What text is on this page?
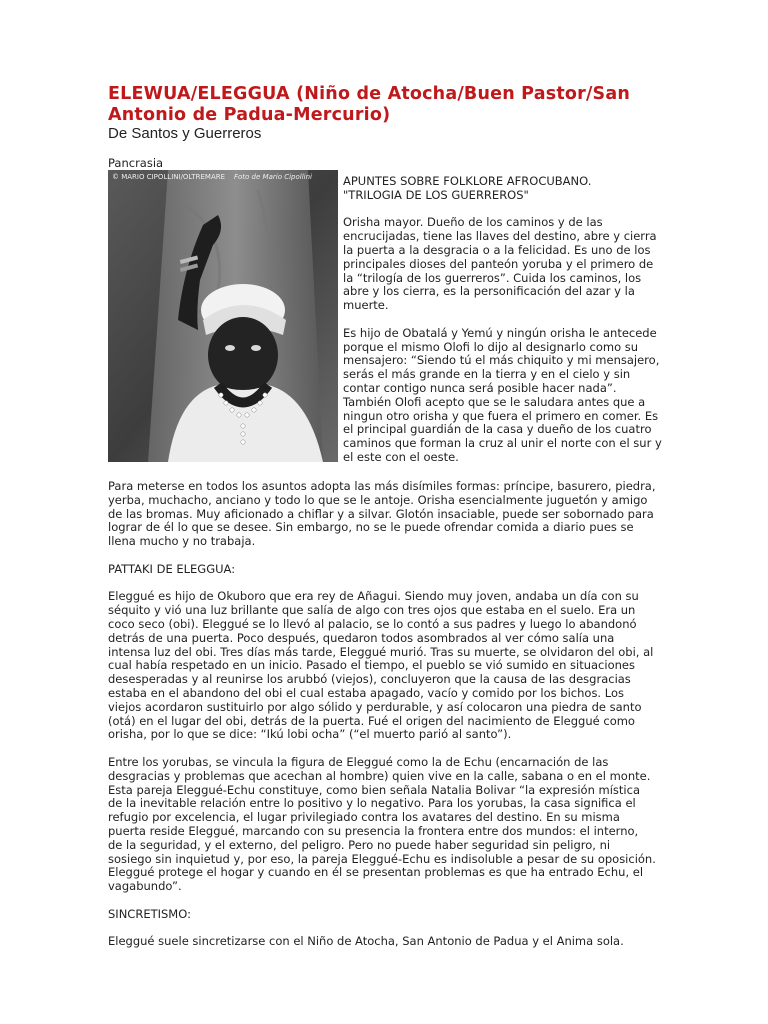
ELEWUA/ELEGGUA (Niño de Atocha/Buen Pastor/San Antonio de Padua-Mercurio)
De Santos y Guerreros
Pancrasia
© MARIO CIPOLLINI/OLTREMARE Foto de Mario Cipollini	APUNTES SOBRE FOLKLORE AFROCUBANO.
"TRILOGIA DE LOS GUERREROS"

Orisha mayor. Dueño de los caminos y de las encrucijadas, tiene las llaves del destino, abre y cierra la puerta a la desgracia o a la felicidad. Es uno de los principales dioses del panteón yoruba y el primero de la “trilogía de los guerreros”. Cuida los caminos, los abre y los cierra, es la personificación del azar y la muerte.

Es hijo de Obatalá y Yemú y ningún orisha le antecede porque el mismo Olofi lo dijo al designarlo como su mensajero: “Siendo tú el más chiquito y mi mensajero, serás el más grande en la tierra y en el cielo y sin contar contigo nunca será posible hacer nada”. También Olofi acepto que se le saludara antes que a ningun otro orisha y que fuera el primero en comer. Es el principal guardián de la casa y dueño de los cuatro caminos que forman la cruz al unir el norte con el sur y el este con el oeste.

Para meterse en todos los asuntos adopta las más disímiles formas: príncipe, basurero, piedra, yerba, muchacho, anciano y todo lo que se le antoje. Orisha esencialmente juguetón y amigo de las bromas. Muy aficionado a chiflar y a silvar. Glotón insaciable, puede ser sobornado para lograr de él lo que se desee. Sin embargo, no se le puede ofrendar comida a diario pues se llena mucho y no trabaja.

PATTAKI DE ELEGGUA:

Eleggué es hijo de Okuboro que era rey de Añagui. Siendo muy joven, andaba un día con su séquito y vió una luz brillante que salía de algo con tres ojos que estaba en el suelo. Era un coco seco (obi). Eleggué se lo llevó al palacio, se lo contó a sus padres y luego lo abandonó detrás de una puerta. Poco después, quedaron todos asombrados al ver cómo salía una intensa luz del obi. Tres días más tarde, Eleggué murió. Tras su muerte, se olvidaron del obi, al cual había respetado en un inicio. Pasado el tiempo, el pueblo se vió sumido en situaciones desesperadas y al reunirse los arubbó (viejos), concluyeron que la causa de las desgracias estaba en el abandono del obi el cual estaba apagado, vacío y comido por los bichos. Los viejos acordaron sustituirlo por algo sólido y perdurable, y así colocaron una piedra de santo (otá) en el lugar del obi, detrás de la puerta. Fué el origen del nacimiento de Eleggué como orisha, por lo que se dice: “Ikú lobi ocha” (“el muerto parió al santo”).

Entre los yorubas, se vincula la figura de Eleggué como la de Echu (encarnación de las desgracias y problemas que acechan al hombre) quien vive en la calle, sabana o en el monte. Esta pareja Eleggué-Echu constituye, como bien señala Natalia Bolivar “la expresión mística de la inevitable relación entre lo positivo y lo negativo. Para los yorubas, la casa significa el refugio por excelencia, el lugar privilegiado contra los avatares del destino. En su misma puerta reside Eleggué, marcando con su presencia la frontera entre dos mundos: el interno, de la seguridad, y el externo, del peligro. Pero no puede haber seguridad sin peligro, ni sosiego sin inquietud y, por eso, la pareja Eleggué-Echu es indisoluble a pesar de su oposición. Eleggué protege el hogar y cuando en él se presentan problemas es que ha entrado Echu, el vagabundo”.

SINCRETISMO:

Eleggué suele sincretizarse con el Niño de Atocha, San Antonio de Padua y el Anima sola.
